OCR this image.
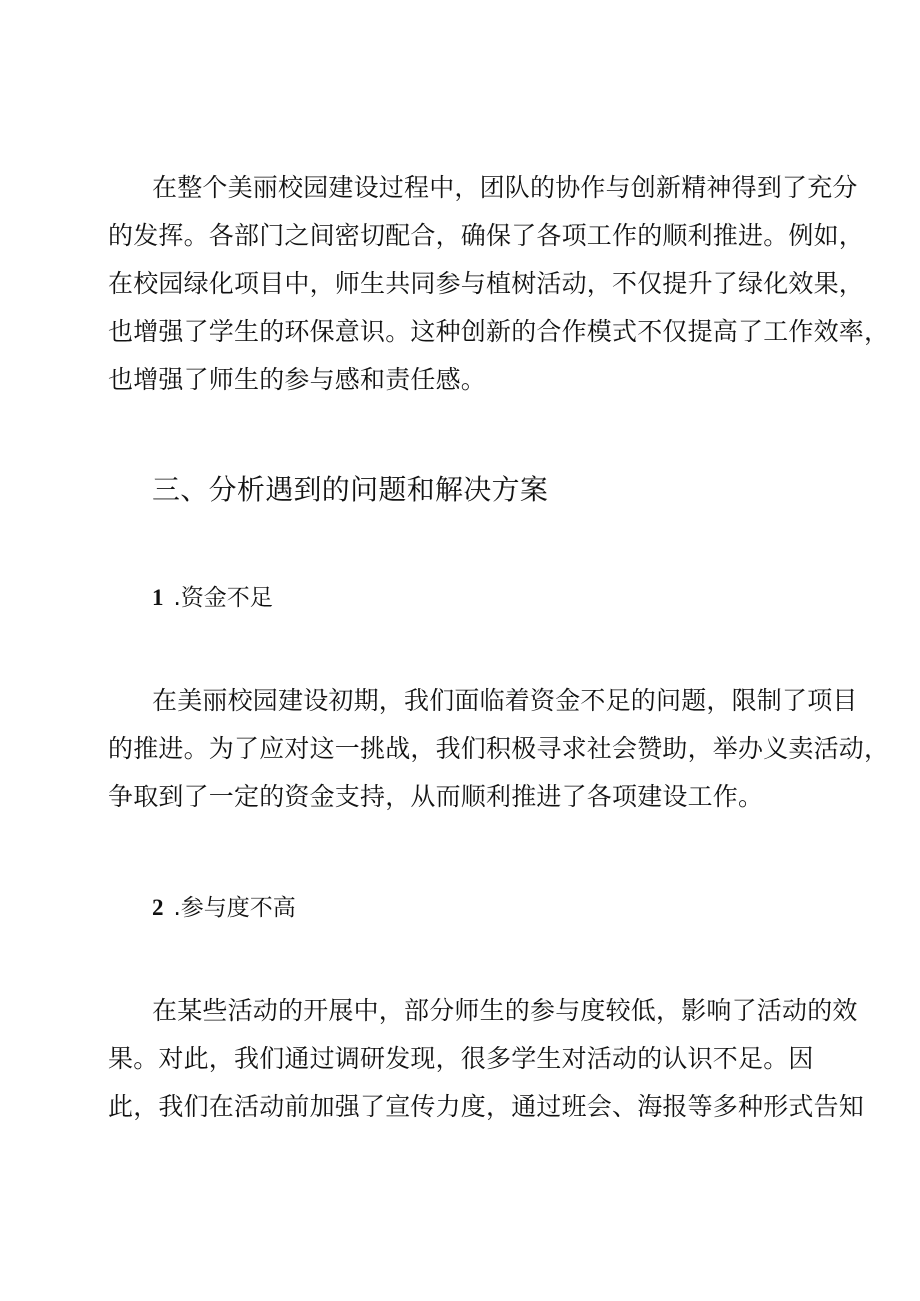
在整个美丽校园建设过程中，团队的协作与创新精神得到了充分
的发挥。各部门之间密切配合，确保了各项工作的顺利推进。例如，
在校园绿化项目中，师生共同参与植树活动，不仅提升了绿化效果，
也增强了学生的环保意识。这种创新的合作模式不仅提高了工作效率，
也增强了师生的参与感和责任感。
三、分析遇到的问题和解决方案
1 .资金不足
在美丽校园建设初期，我们面临着资金不足的问题，限制了项目
的推进。为了应对这一挑战，我们积极寻求社会赞助，举办义卖活动，
争取到了一定的资金支持，从而顺利推进了各项建设工作。
2 .参与度不高
在某些活动的开展中，部分师生的参与度较低，影响了活动的效
果。对此，我们通过调研发现，很多学生对活动的认识不足。因
此，我们在活动前加强了宣传力度，通过班会、海报等多种形式告知
